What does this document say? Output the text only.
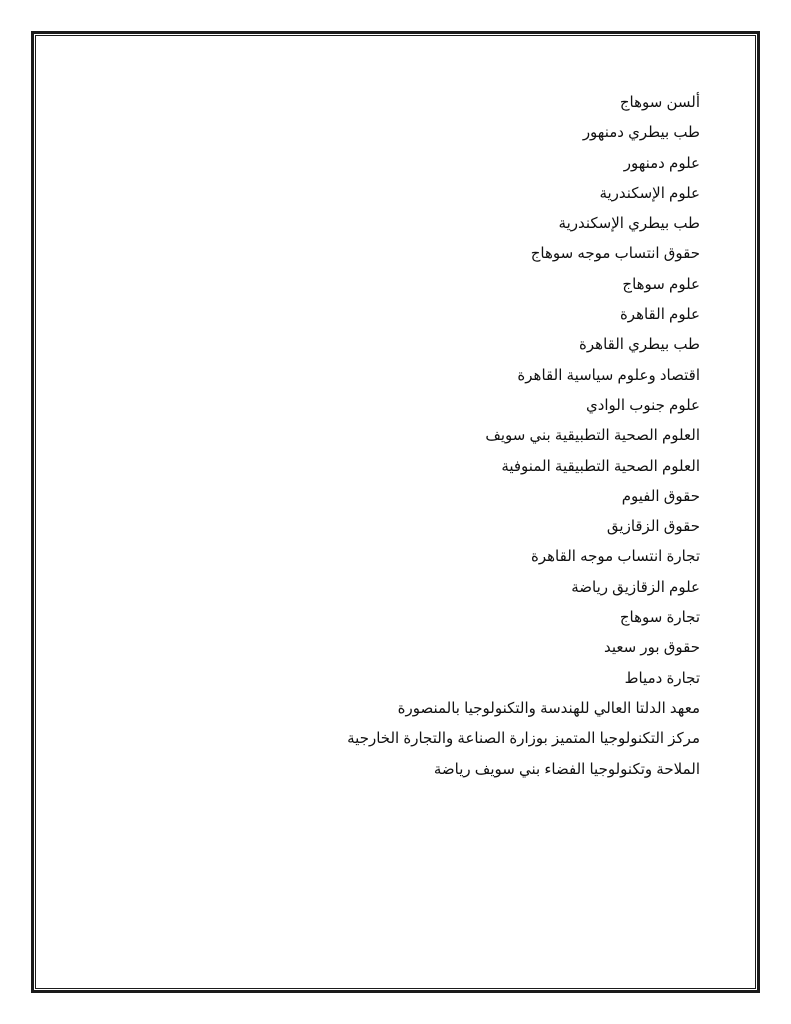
ألسن سوهاج
طب بيطري دمنهور
علوم دمنهور
علوم الإسكندرية
طب بيطري الإسكندرية
حقوق انتساب موجه سوهاج
علوم سوهاج
علوم القاهرة
طب بيطري القاهرة
اقتصاد وعلوم سياسية القاهرة
علوم جنوب الوادي
العلوم الصحية التطبيقية بني سويف
العلوم الصحية التطبيقية المنوفية
حقوق الفيوم
حقوق الزقازيق
تجارة انتساب موجه القاهرة
علوم الزقازيق رياضة
تجارة سوهاج
حقوق بور سعيد
تجارة دمياط
معهد الدلتا العالي للهندسة والتكنولوجيا بالمنصورة
مركز التكنولوجيا المتميز بوزارة الصناعة والتجارة الخارجية
الملاحة وتكنولوجيا الفضاء بني سويف رياضة
